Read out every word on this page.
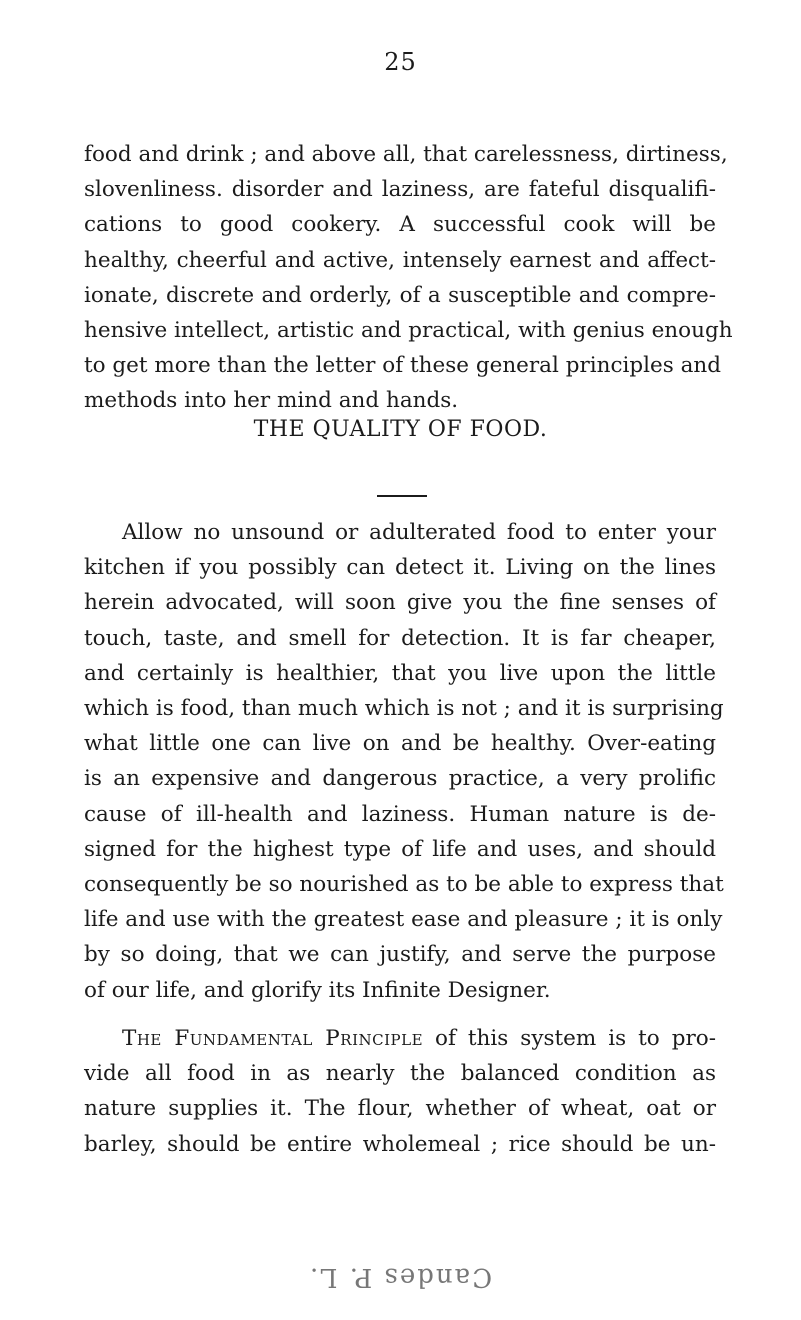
25
food and drink ; and above all, that carelessness, dirtiness,
slovenliness. disorder and laziness, are fateful disqualifi-
cations to good cookery. A successful cook will be
healthy, cheerful and active, intensely earnest and affect-
ionate, discrete and orderly, of a susceptible and compre-
hensive intellect, artistic and practical, with genius enough
to get more than the letter of these general principles and
methods into her mind and hands.
THE QUALITY OF FOOD.
Allow no unsound or adulterated food to enter your
kitchen if you possibly can detect it. Living on the lines
herein advocated, will soon give you the fine senses of
touch, taste, and smell for detection. It is far cheaper,
and certainly is healthier, that you live upon the little
which is food, than much which is not ; and it is surprising
what little one can live on and be healthy. Over-eating
is an expensive and dangerous practice, a very prolific
cause of ill-health and laziness. Human nature is de-
signed for the highest type of life and uses, and should
consequently be so nourished as to be able to express that
life and use with the greatest ease and pleasure ; it is only
by so doing, that we can justify, and serve the purpose
of our life, and glorify its Infinite Designer.
The Fundamental Principle of this system is to pro-
vide all food in as nearly the balanced condition as
nature supplies it. The flour, whether of wheat, oat or
barley, should be entire wholemeal ; rice should be un-
Candes P. L.
